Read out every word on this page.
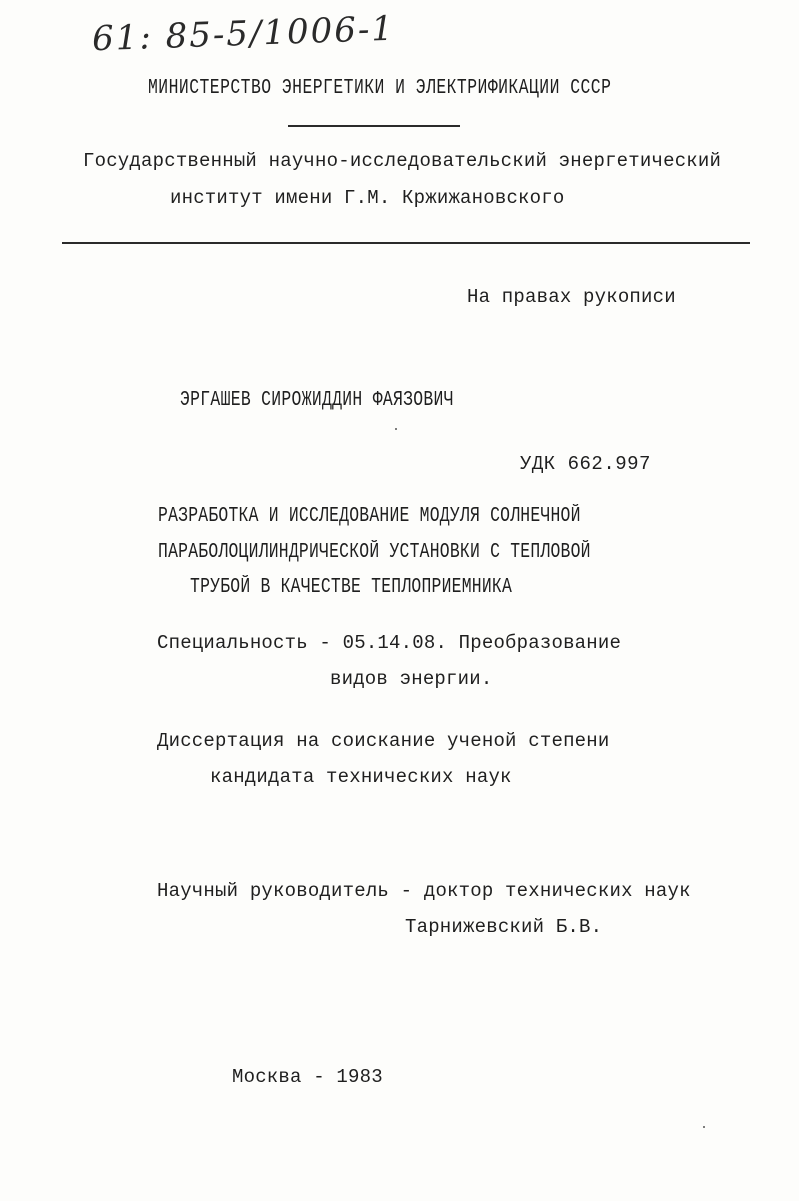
61: 85-5/1006-1
МИНИСТЕРСТВО ЭНЕРГЕТИКИ И ЭЛЕКТРИФИКАЦИИ СССР
Государственный научно-исследовательский энергетический
институт имени Г.М. Кржижановского
На правах рукописи
ЭРГАШЕВ СИРОЖИДДИН ФАЯЗОВИЧ
УДК 662.997
РАЗРАБОТКА И ИССЛЕДОВАНИЕ МОДУЛЯ СОЛНЕЧНОЙ
ПАРАБОЛОЦИЛИНДРИЧЕСКОЙ УСТАНОВКИ С ТЕПЛОВОЙ
ТРУБОЙ В КАЧЕСТВЕ ТЕПЛОПРИЕМНИКА
Специальность - 05.14.08. Преобразование
видов энергии.
Диссертация на соискание ученой степени
кандидата технических наук
Научный руководитель - доктор технических наук
Тарнижевский Б.В.
Москва - 1983
